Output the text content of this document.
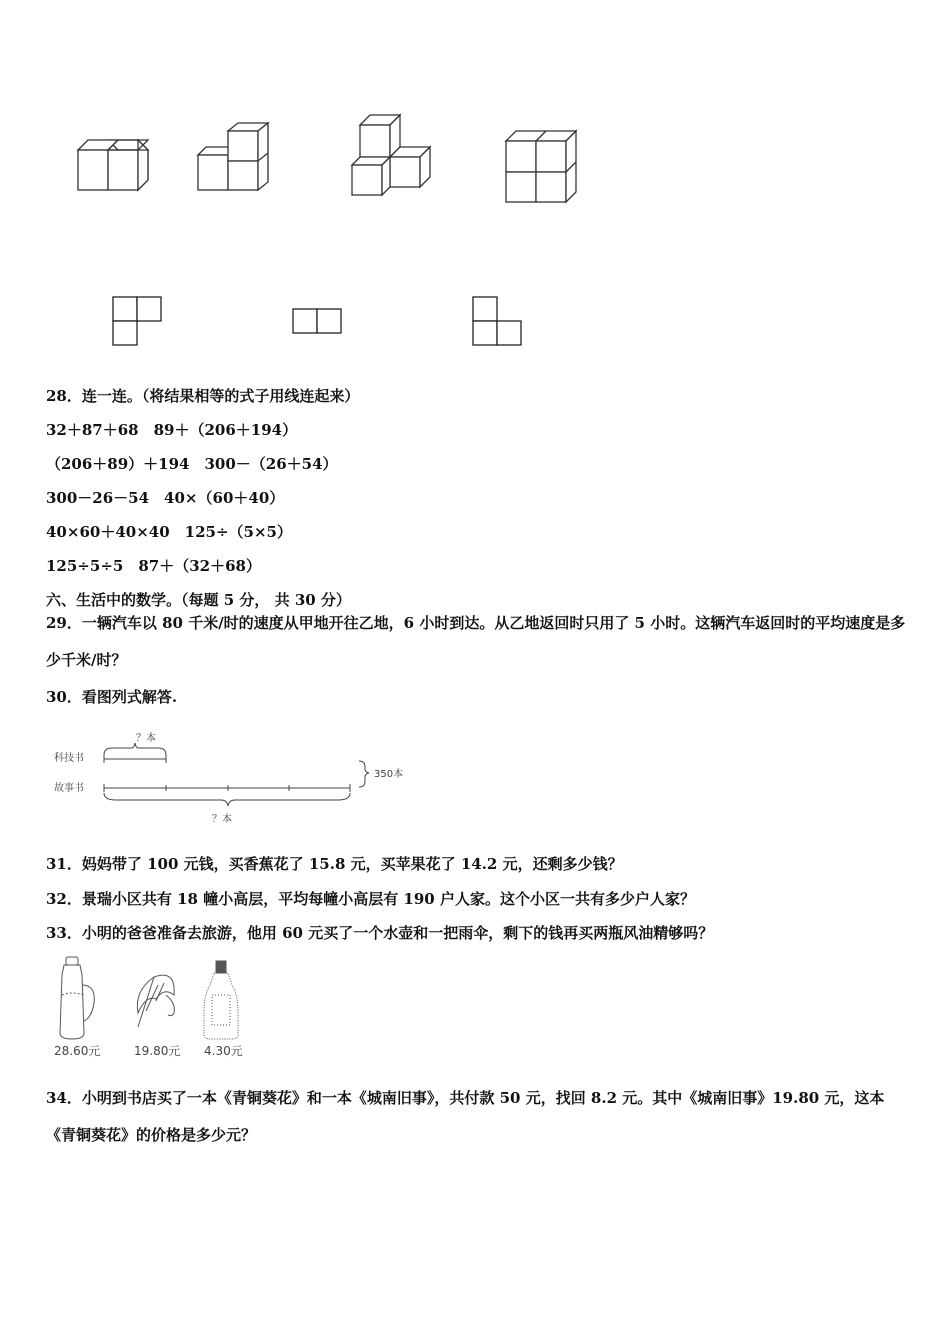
28．连一连。（将结果相等的式子用线连起来）
32＋87＋68　89＋（206＋194）
（206＋89）＋194　300－（26＋54）
300－26－54　40×（60＋40）
40×60＋40×40　125÷（5×5）
125÷5÷5　87＋（32＋68）
六、生活中的数学。（每题 5 分， 共 30 分）
29．一辆汽车以 80 千米/时的速度从甲地开往乙地，6 小时到达。从乙地返回时只用了 5 小时。这辆汽车返回时的平均速度是多少千米/时？
30．看图列式解答.
？本
科技书
故事书
？本
350本
31．妈妈带了 100 元钱，买香蕉花了 15.8 元，买苹果花了 14.2 元，还剩多少钱？
32．景瑞小区共有 18 幢小高层，平均每幢小高层有 190 户人家。这个小区一共有多少户人家？
33．小明的爸爸准备去旅游，他用 60 元买了一个水壶和一把雨伞，剩下的钱再买两瓶风油精够吗？
28.60元	19.80元 4.30元
34．小明到书店买了一本《青铜葵花》和一本《城南旧事》，共付款 50 元，找回 8.2 元。其中《城南旧事》19.80 元，这本《青铜葵花》的价格是多少元？
